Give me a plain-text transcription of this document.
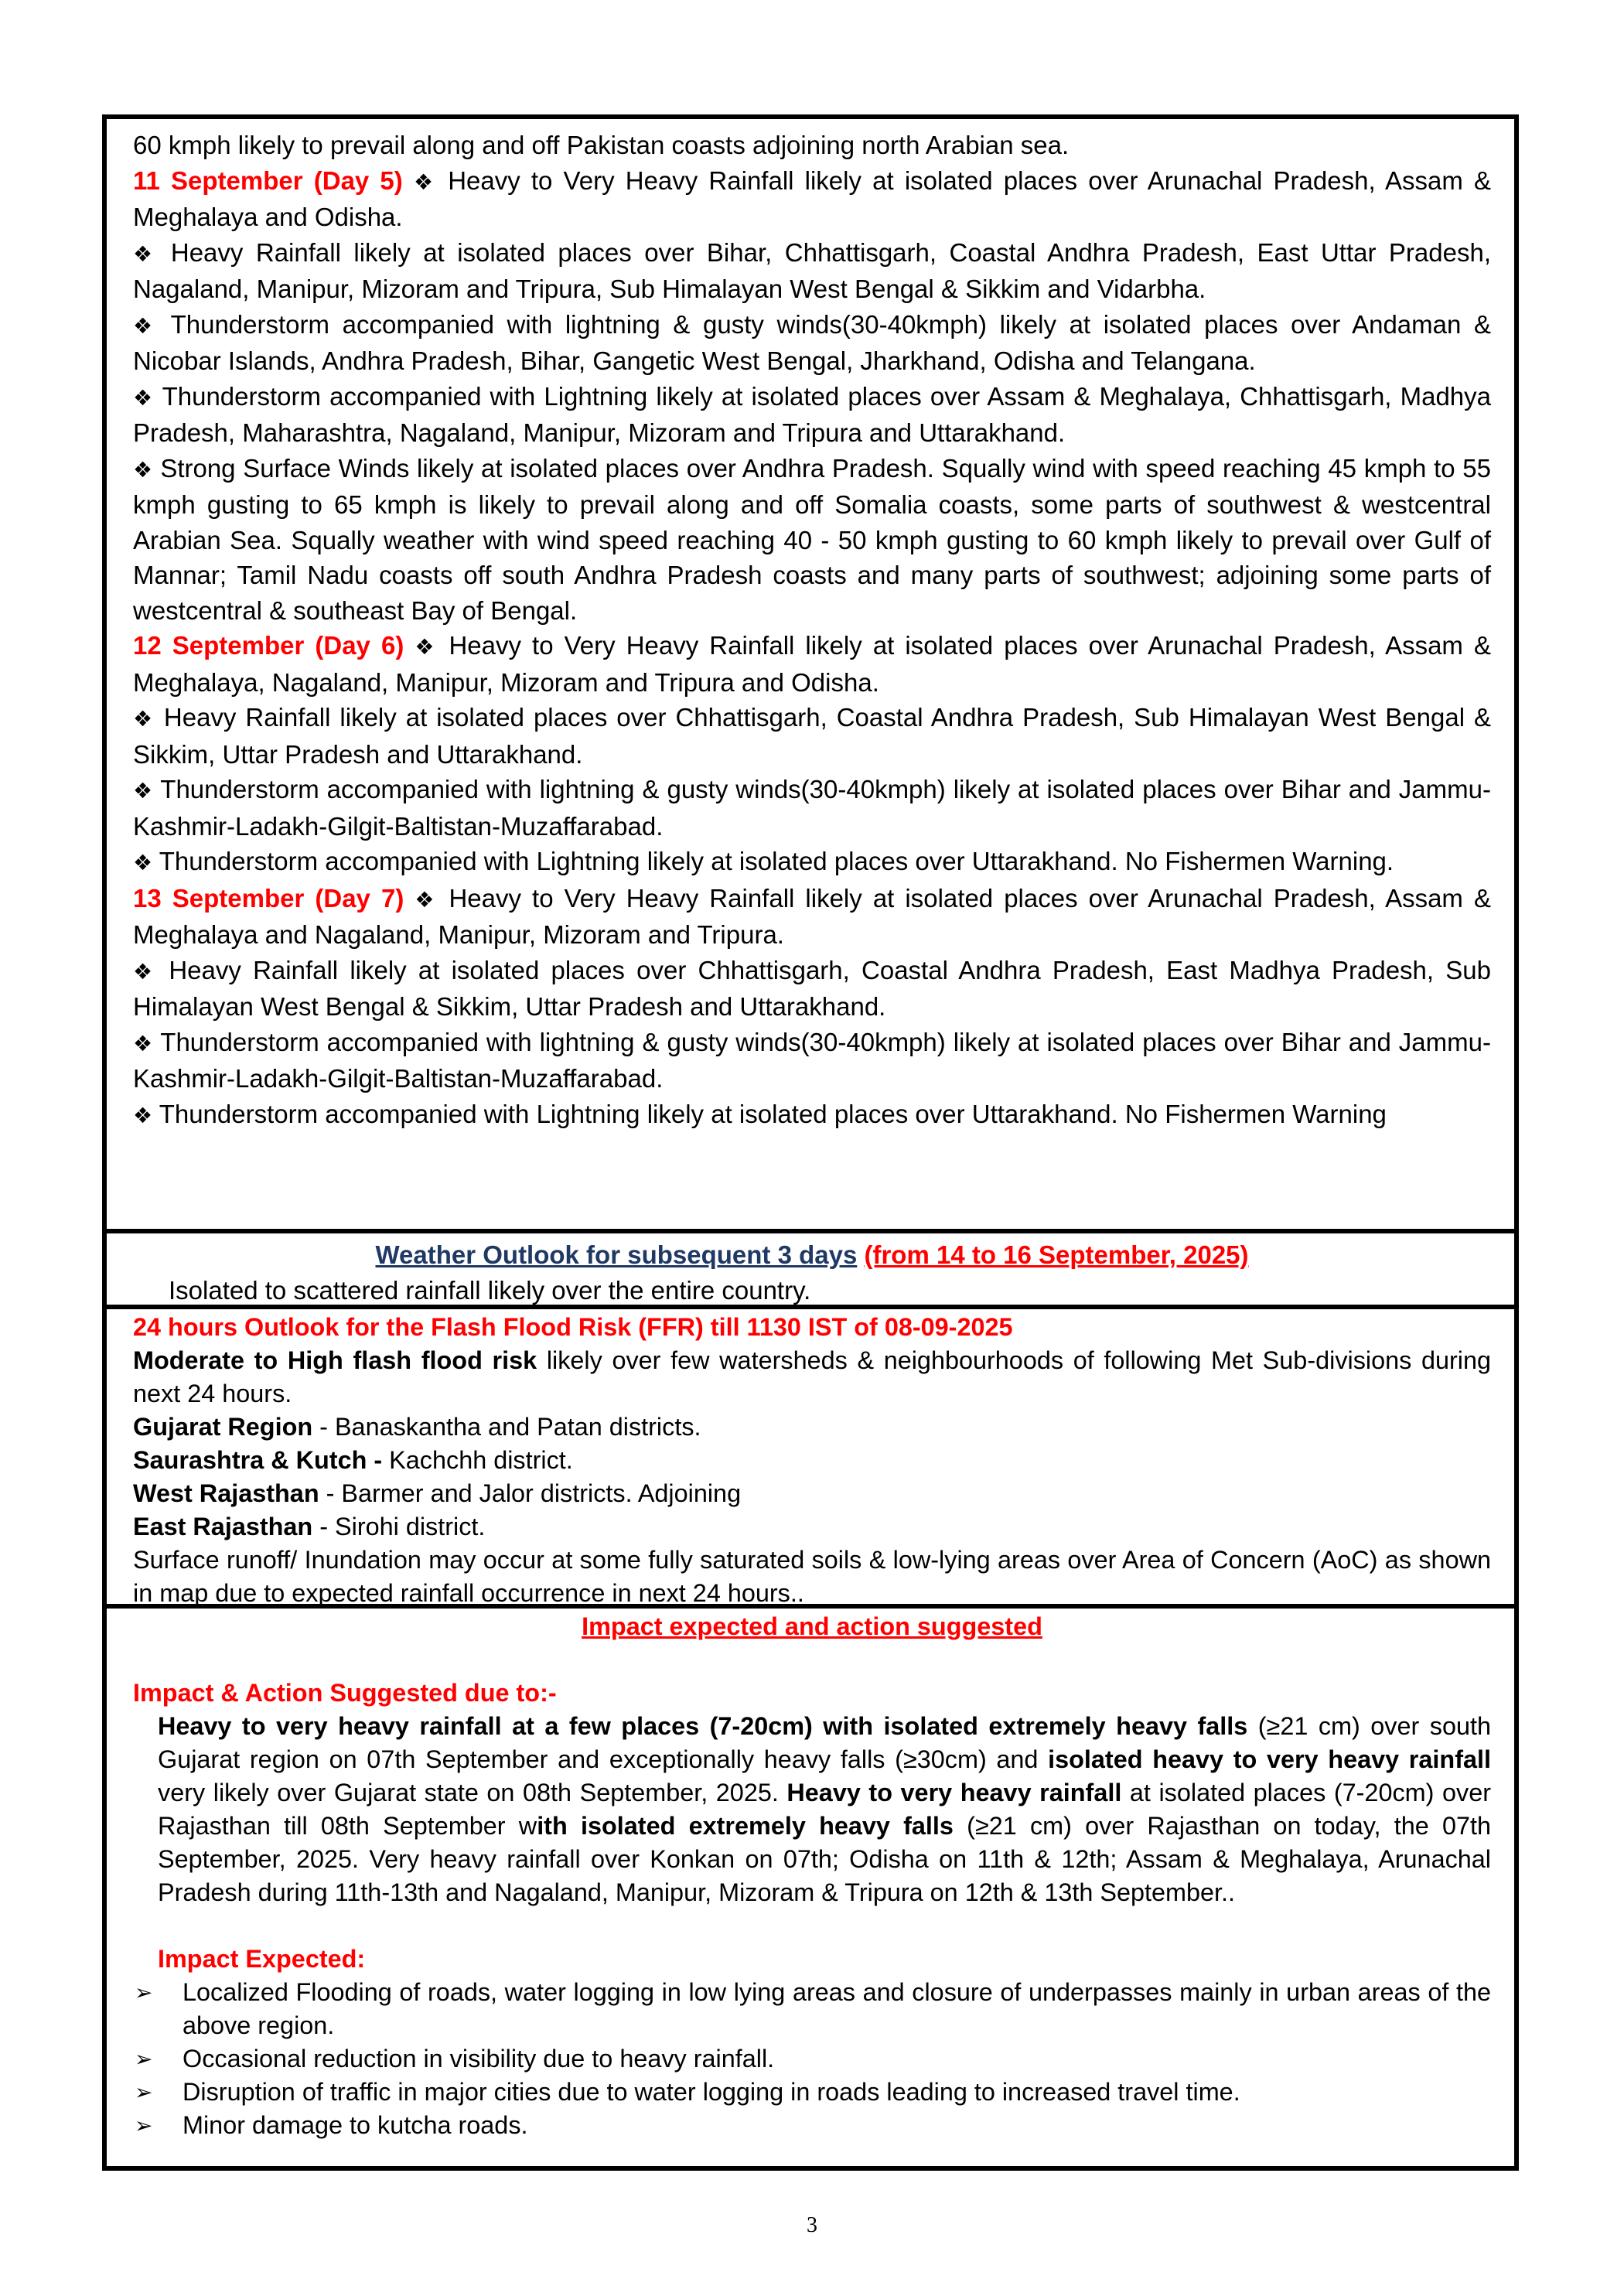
60 kmph likely to prevail along and off Pakistan coasts adjoining north Arabian sea.

11 September (Day 5) ❖ Heavy to Very Heavy Rainfall likely at isolated places over Arunachal Pradesh, Assam & Meghalaya and Odisha.

❖ Heavy Rainfall likely at isolated places over Bihar, Chhattisgarh, Coastal Andhra Pradesh, East Uttar Pradesh, Nagaland, Manipur, Mizoram and Tripura, Sub Himalayan West Bengal & Sikkim and Vidarbha.

❖ Thunderstorm accompanied with lightning & gusty winds(30-40kmph) likely at isolated places over Andaman & Nicobar Islands, Andhra Pradesh, Bihar, Gangetic West Bengal, Jharkhand, Odisha and Telangana.

❖ Thunderstorm accompanied with Lightning likely at isolated places over Assam & Meghalaya, Chhattisgarh, Madhya Pradesh, Maharashtra, Nagaland, Manipur, Mizoram and Tripura and Uttarakhand.

❖ Strong Surface Winds likely at isolated places over Andhra Pradesh. Squally wind with speed reaching 45 kmph to 55 kmph gusting to 65 kmph is likely to prevail along and off Somalia coasts, some parts of southwest & westcentral Arabian Sea. Squally weather with wind speed reaching 40 - 50 kmph gusting to 60 kmph likely to prevail over Gulf of Mannar; Tamil Nadu coasts off south Andhra Pradesh coasts and many parts of southwest; adjoining some parts of westcentral & southeast Bay of Bengal.

12 September (Day 6) ❖ Heavy to Very Heavy Rainfall likely at isolated places over Arunachal Pradesh, Assam & Meghalaya, Nagaland, Manipur, Mizoram and Tripura and Odisha.

❖ Heavy Rainfall likely at isolated places over Chhattisgarh, Coastal Andhra Pradesh, Sub Himalayan West Bengal & Sikkim, Uttar Pradesh and Uttarakhand.

❖ Thunderstorm accompanied with lightning & gusty winds(30-40kmph) likely at isolated places over Bihar and Jammu-Kashmir-Ladakh-Gilgit-Baltistan-Muzaffarabad.

❖ Thunderstorm accompanied with Lightning likely at isolated places over Uttarakhand. No Fishermen Warning.

13 September (Day 7) ❖ Heavy to Very Heavy Rainfall likely at isolated places over Arunachal Pradesh, Assam & Meghalaya and Nagaland, Manipur, Mizoram and Tripura.

❖ Heavy Rainfall likely at isolated places over Chhattisgarh, Coastal Andhra Pradesh, East Madhya Pradesh, Sub Himalayan West Bengal & Sikkim, Uttar Pradesh and Uttarakhand.

❖ Thunderstorm accompanied with lightning & gusty winds(30-40kmph) likely at isolated places over Bihar and Jammu-Kashmir-Ladakh-Gilgit-Baltistan-Muzaffarabad.

❖ Thunderstorm accompanied with Lightning likely at isolated places over Uttarakhand. No Fishermen Warning

Weather Outlook for subsequent 3 days (from 14 to 16 September, 2025)

Isolated to scattered rainfall likely over the entire country.

24 hours Outlook for the Flash Flood Risk (FFR) till 1130 IST of 08-09-2025

Moderate to High flash flood risk likely over few watersheds & neighbourhoods of following Met Sub-divisions during next 24 hours.

Gujarat Region - Banaskantha and Patan districts.

Saurashtra & Kutch - Kachchh district.

West Rajasthan - Barmer and Jalor districts. Adjoining

East Rajasthan - Sirohi district.

Surface runoff/ Inundation may occur at some fully saturated soils & low-lying areas over Area of Concern (AoC) as shown in map due to expected rainfall occurrence in next 24 hours..

Impact expected and action suggested

Impact & Action Suggested due to:-

Heavy to very heavy rainfall at a few places (7-20cm) with isolated extremely heavy falls (≥21 cm) over south Gujarat region on 07th September and exceptionally heavy falls (≥30cm) and isolated heavy to very heavy rainfall very likely over Gujarat state on 08th September, 2025. Heavy to very heavy rainfall at isolated places (7-20cm) over Rajasthan till 08th September with isolated extremely heavy falls (≥21 cm) over Rajasthan on today, the 07th September, 2025. Very heavy rainfall over Konkan on 07th; Odisha on 11th & 12th; Assam & Meghalaya, Arunachal Pradesh during 11th-13th and Nagaland, Manipur, Mizoram & Tripura on 12th & 13th September..

Impact Expected:

➢ Localized Flooding of roads, water logging in low lying areas and closure of underpasses mainly in urban areas of the above region.
➢ Occasional reduction in visibility due to heavy rainfall.
➢ Disruption of traffic in major cities due to water logging in roads leading to increased travel time.
➢ Minor damage to kutcha roads.
3
